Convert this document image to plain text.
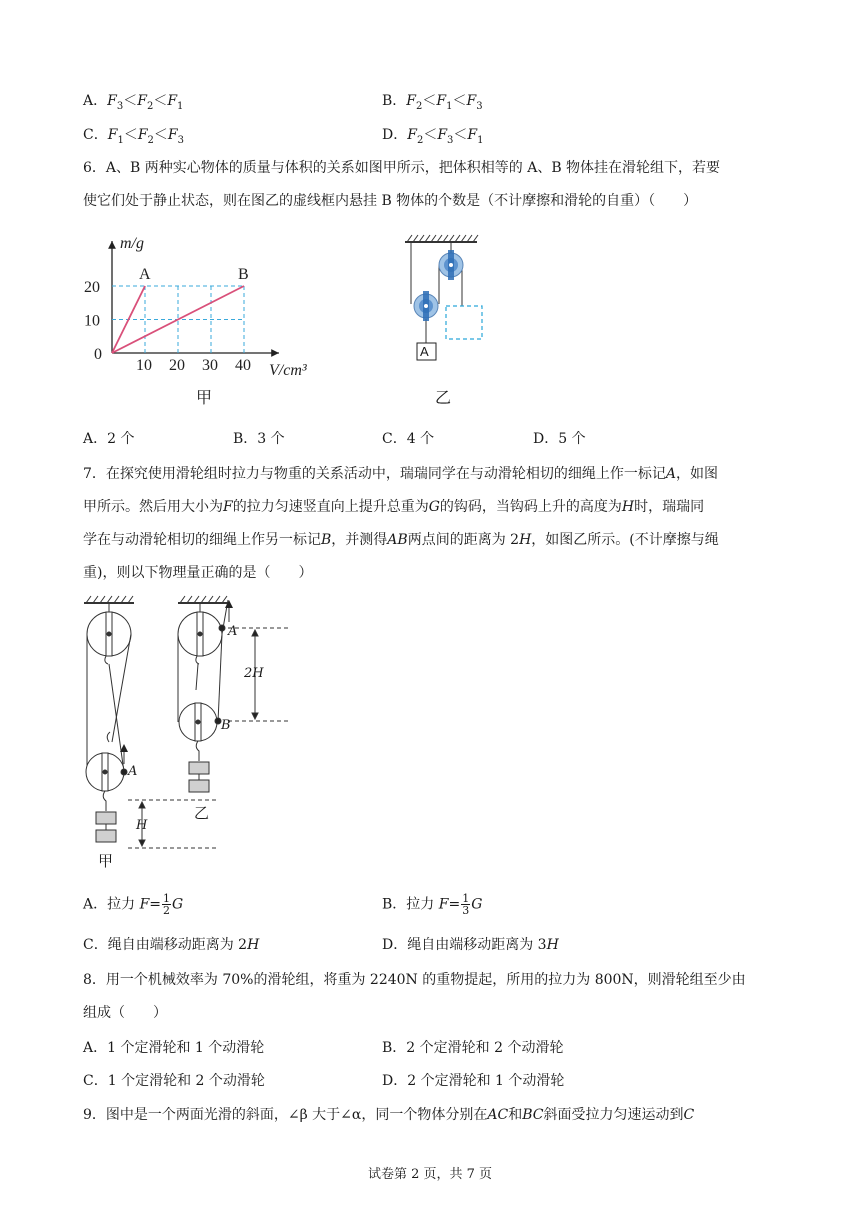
A．$F_3<F_2<F_1$	B．$F_2<F_1<F_3$
C．$F_1<F_2<F_3$	D．$F_2<F_3<F_1$
6．A、B 两种实心物体的质量与体积的关系如图甲所示，把体积相等的 A、B 物体挂在滑轮组下，若要
使它们处于静止状态，则在图乙的虚线框内悬挂 B 物体的个数是（不计摩擦和滑轮的自重）（　　）
A	B
0
10 20 30 40
10
20
V/cm³
m/g
甲
A
乙
A．2 个	B．3 个	C．4 个	D．5 个
7．在探究使用滑轮组时拉力与物重的关系活动中，瑞瑞同学在与动滑轮相切的细绳上作一标记A，如图
甲所示。然后用大小为F的拉力匀速竖直向上提升总重为G的钩码，当钩码上升的高度为H时，瑞瑞同
学在与动滑轮相切的细绳上作另一标记B，并测得AB两点间的距离为 2H，如图乙所示。(不计摩擦与绳
重)，则以下物理量正确的是（　　）
A
A
B
2H
H
甲
乙
A．拉力 $F= \frac{1}{2}$ G	B．拉力 $F= \frac{1}{3}$ G
C．绳自由端移动距离为 2H	D．绳自由端移动距离为 3H
8．用一个机械效率为 70%的滑轮组，将重为 2240N 的重物提起，所用的拉力为 800N，则滑轮组至少由
组成（　　）
A．1 个定滑轮和 1 个动滑轮	B．2 个定滑轮和 2 个动滑轮
C．1 个定滑轮和 2 个动滑轮	D．2 个定滑轮和 1 个动滑轮
9．图中是一个两面光滑的斜面，∠β 大于∠α，同一个物体分别在AC和BC斜面受拉力匀速运动到C
试卷第 2 页，共 7 页
